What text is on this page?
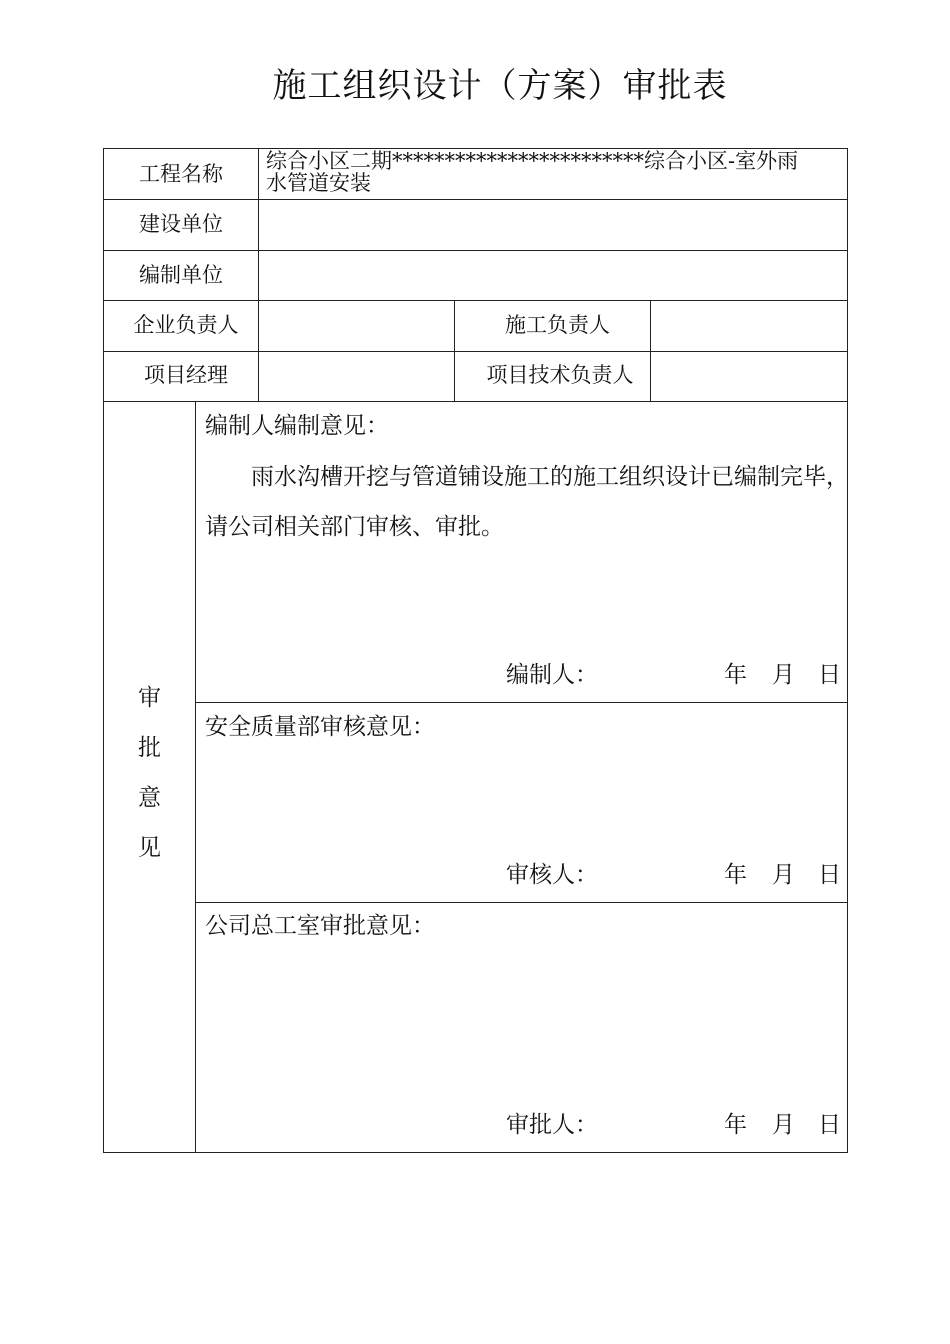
施工组织设计（方案）审批表
工程名称
综合小区二期************************综合小区-室外雨
水管道安装
建设单位
编制单位
企业负责人	施工负责人
项目经理	项目技术负责人
审
批
意
见
编制人编制意见：
雨水沟槽开挖与管道铺设施工的施工组织设计已编制完毕，
请公司相关部门审核、审批。
编制人：	年 月 日
安全质量部审核意见：
审核人：	年 月 日
公司总工室审批意见：
审批人：	年 月 日
